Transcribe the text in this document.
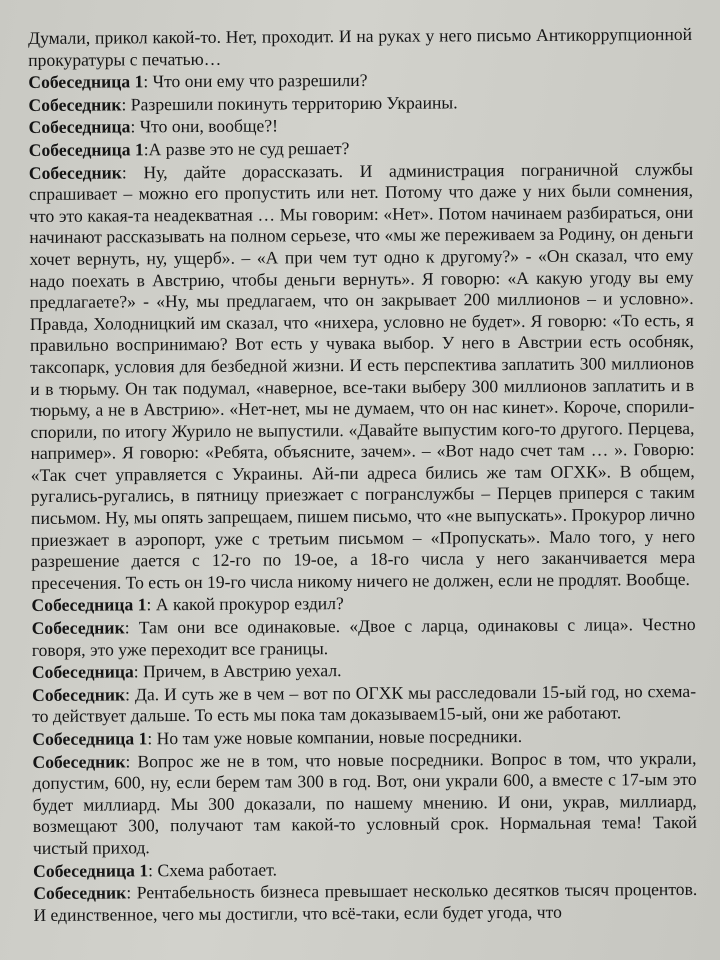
Думали, прикол какой-то. Нет, проходит. И на руках у него письмо Антикоррупционной прокуратуры с печатью…

Собеседница 1: Что они ему что разрешили?

Собеседник: Разрешили покинуть территорию Украины.

Собеседница: Что они, вообще?!

Собеседница 1:А разве это не суд решает?

Собеседник: Ну, дайте дорассказать. И администрация пограничной службы спрашивает – можно его пропустить или нет. Потому что даже у них были сомнения, что это какая-та неадекватная … Мы говорим: «Нет». Потом начинаем разбираться, они начинают рассказывать на полном серьезе, что «мы же переживаем за Родину, он деньги хочет вернуть, ну, ущерб». – «А при чем тут одно к другому?» - «Он сказал, что ему надо поехать в Австрию, чтобы деньги вернуть». Я говорю: «А какую угоду вы ему предлагаете?» - «Ну, мы предлагаем, что он закрывает 200 миллионов – и условно». Правда, Холодницкий им сказал, что «нихера, условно не будет». Я говорю: «То есть, я правильно воспринимаю? Вот есть у чувака выбор. У него в Австрии есть особняк, таксопарк, условия для безбедной жизни. И есть перспектива заплатить 300 миллионов и в тюрьму. Он так подумал, «наверное, все-таки выберу 300 миллионов заплатить и в тюрьму, а не в Австрию». «Нет-нет, мы не думаем, что он нас кинет». Короче, спорили-спорили, по итогу Журило не выпустили. «Давайте выпустим кого-то другого. Перцева, например». Я говорю: «Ребята, объясните, зачем». – «Вот надо счет там … ». Говорю: «Так счет управляется с Украины. Ай-пи адреса бились же там ОГХК». В общем, ругались-ругались, в пятницу приезжает с погранслужбы – Перцев приперся с таким письмом. Ну, мы опять запрещаем, пишем письмо, что «не выпускать». Прокурор лично приезжает в аэропорт, уже с третьим письмом – «Пропускать». Мало того, у него разрешение дается с 12-го по 19-ое, а 18-го числа у него заканчивается мера пресечения. То есть он 19-го числа никому ничего не должен, если не продлят. Вообще.

Собеседница 1: А какой прокурор ездил?

Собеседник: Там они все одинаковые. «Двое с ларца, одинаковы с лица». Честно говоря, это уже переходит все границы.

Собеседница: Причем, в Австрию уехал.

Собеседник: Да. И суть же в чем – вот по ОГХК мы расследовали 15-ый год, но схема-то действует дальше. То есть мы пока там доказываем15-ый, они же работают.

Собеседница 1: Но там уже новые компании, новые посредники.

Собеседник: Вопрос же не в том, что новые посредники. Вопрос в том, что украли, допустим, 600, ну, если берем там 300 в год. Вот, они украли 600, а вместе с 17-ым это будет миллиард. Мы 300 доказали, по нашему мнению. И они, украв, миллиард, возмещают 300, получают там какой-то условный срок. Нормальная тема! Такой чистый приход.

Собеседница 1: Схема работает.

Собеседник: Рентабельность бизнеса превышает несколько десятков тысяч процентов. И единственное, чего мы достигли, что всё-таки, если будет угода, что
